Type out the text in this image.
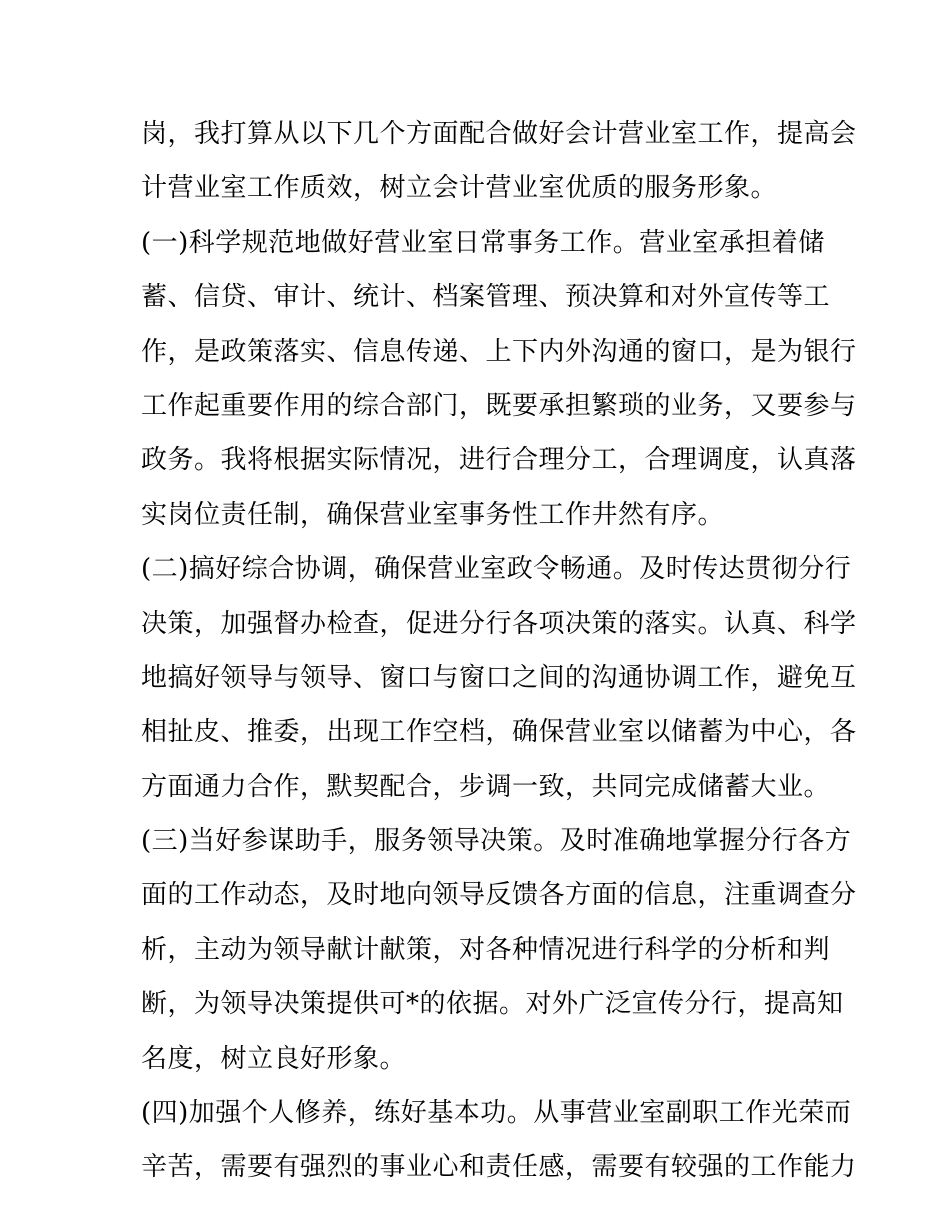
岗，我打算从以下几个方面配合做好会计营业室工作，提高会
计营业室工作质效，树立会计营业室优质的服务形象。
(一)科学规范地做好营业室日常事务工作。营业室承担着储
蓄、信贷、审计、统计、档案管理、预决算和对外宣传等工
作，是政策落实、信息传递、上下内外沟通的窗口，是为银行
工作起重要作用的综合部门，既要承担繁琐的业务，又要参与
政务。我将根据实际情况，进行合理分工，合理调度，认真落
实岗位责任制，确保营业室事务性工作井然有序。
(二)搞好综合协调，确保营业室政令畅通。及时传达贯彻分行
决策，加强督办检查，促进分行各项决策的落实。认真、科学
地搞好领导与领导、窗口与窗口之间的沟通协调工作，避免互
相扯皮、推委，出现工作空档，确保营业室以储蓄为中心，各
方面通力合作，默契配合，步调一致，共同完成储蓄大业。
(三)当好参谋助手，服务领导决策。及时准确地掌握分行各方
面的工作动态，及时地向领导反馈各方面的信息，注重调查分
析，主动为领导献计献策，对各种情况进行科学的分析和判
断，为领导决策提供可*的依据。对外广泛宣传分行，提高知
名度，树立良好形象。
(四)加强个人修养，练好基本功。从事营业室副职工作光荣而
辛苦，需要有强烈的事业心和责任感，需要有较强的工作能力
